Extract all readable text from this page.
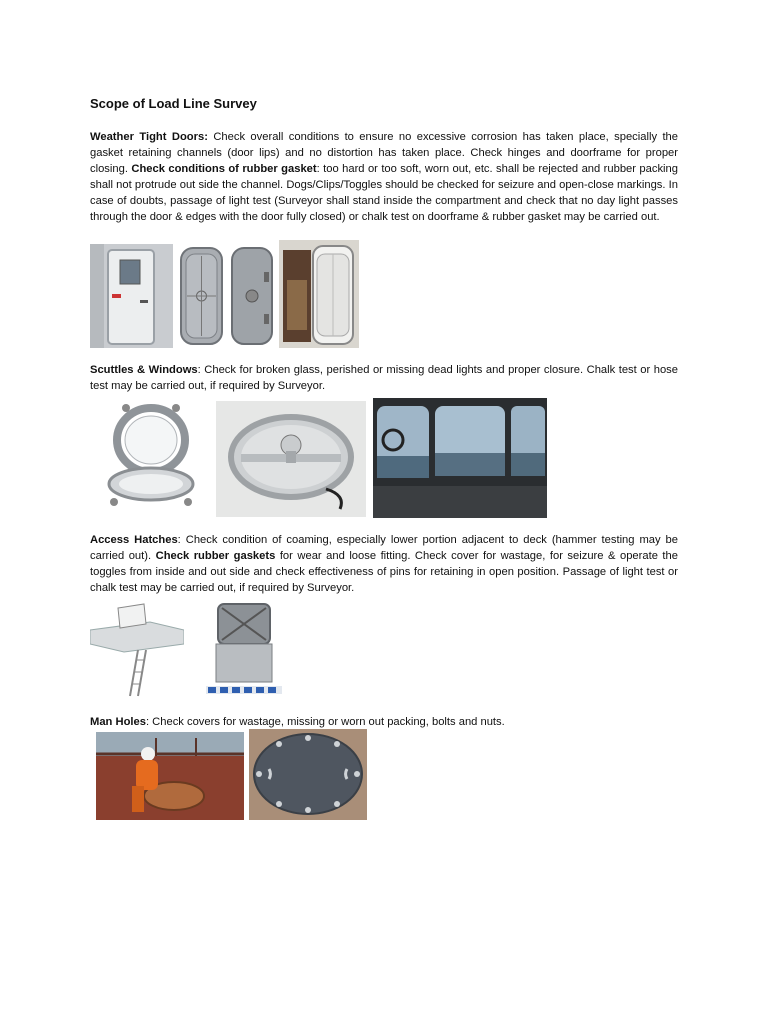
Scope of Load Line Survey

Weather Tight Doors: Check overall conditions to ensure no excessive corrosion has taken place, specially the gasket retaining channels (door lips) and no distortion has taken place. Check hinges and doorframe for proper closing. Check conditions of rubber gasket: too hard or too soft, worn out, etc. shall be rejected and rubber packing shall not protrude out side the channel. Dogs/Clips/Toggles should be checked for seizure and open-close markings. In case of doubts, passage of light test (Surveyor shall stand inside the compartment and check that no day light passes through the door & edges with the door fully closed) or chalk test on doorframe & rubber gasket may be carried out.

Scuttles & Windows: Check for broken glass, perished or missing dead lights and proper closure. Chalk test or hose test may be carried out, if required by Surveyor.

Access Hatches: Check condition of coaming, especially lower portion adjacent to deck (hammer testing may be carried out). Check rubber gaskets for wear and loose fitting. Check cover for wastage, for seizure & operate the toggles from inside and out side and check effectiveness of pins for retaining in open position. Passage of light test or chalk test may be carried out, if required by Surveyor.

Man Holes: Check covers for wastage, missing or worn out packing, bolts and nuts.
